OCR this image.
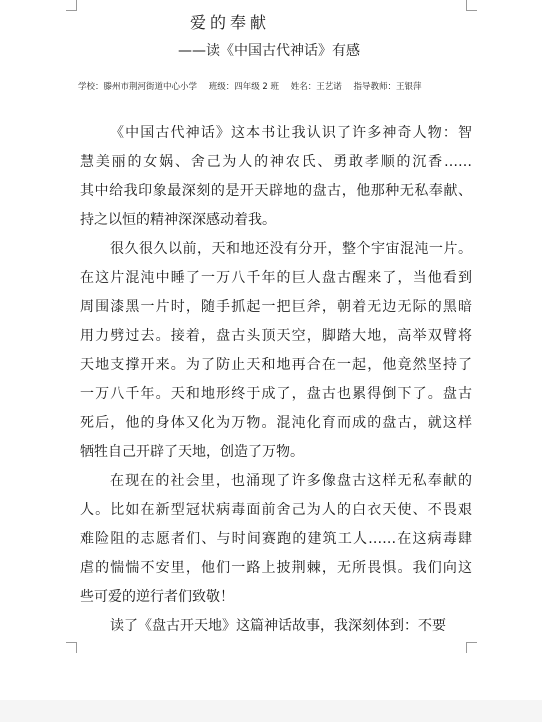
爱的奉献
——读《中国古代神话》有感
学校：滕州市荆河街道中心小学 班级：四年级 2 班 姓名：王艺诺 指导教师：王银萍
《中国古代神话》这本书让我认识了许多神奇人物：智
慧美丽的女娲、舍己为人的神农氏、勇敢孝顺的沉香……
其中给我印象最深刻的是开天辟地的盘古，他那种无私奉献、
持之以恒的精神深深感动着我。
很久很久以前，天和地还没有分开，整个宇宙混沌一片。
在这片混沌中睡了一万八千年的巨人盘古醒来了，当他看到
周围漆黑一片时，随手抓起一把巨斧，朝着无边无际的黑暗
用力劈过去。接着，盘古头顶天空，脚踏大地，高举双臂将
天地支撑开来。为了防止天和地再合在一起，他竟然坚持了
一万八千年。天和地形终于成了，盘古也累得倒下了。盘古
死后，他的身体又化为万物。混沌化育而成的盘古，就这样
牺牲自己开辟了天地，创造了万物。
在现在的社会里，也涌现了许多像盘古这样无私奉献的
人。比如在新型冠状病毒面前舍己为人的白衣天使、不畏艰
难险阻的志愿者们、与时间赛跑的建筑工人……在这病毒肆
虐的惴惴不安里，他们一路上披荆棘，无所畏惧。我们向这
些可爱的逆行者们致敬！
读了《盘古开天地》这篇神话故事，我深刻体到：不要
